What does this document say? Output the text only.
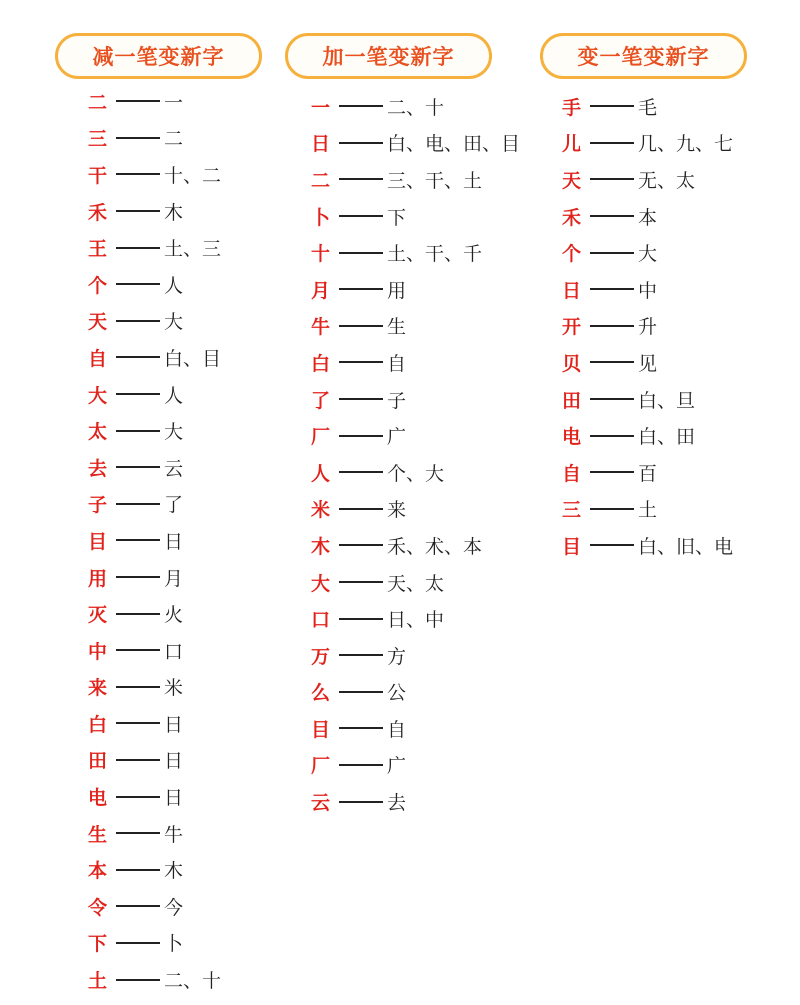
减一笔变新字
二	一
三	二
干	十、二
禾	木
王	土、三
个	人
天	大
自	白、目
大	人
太	大
去	云
子	了
目	日
用	月
灭	火
中	口
来	米
白	日
田	日
电	日
生	牛
本	木
令	今
下	卜
土	二、十
加一笔变新字
一	二、十
日	白、电、田、目
二	三、干、土
卜	下
十	土、干、千
月	用
牛	生
白	自
了	子
厂	广
人	个、大
米	来
木	禾、术、本
大	天、太
口	日、中
万	方
么	公
目	自
厂	广
云	去
变一笔变新字
手	毛
儿	几、九、七
天	无、太
禾	本
个	大
日	中
开	升
贝	见
田	白、旦
电	白、田
自	百
三	土
目	白、旧、电
